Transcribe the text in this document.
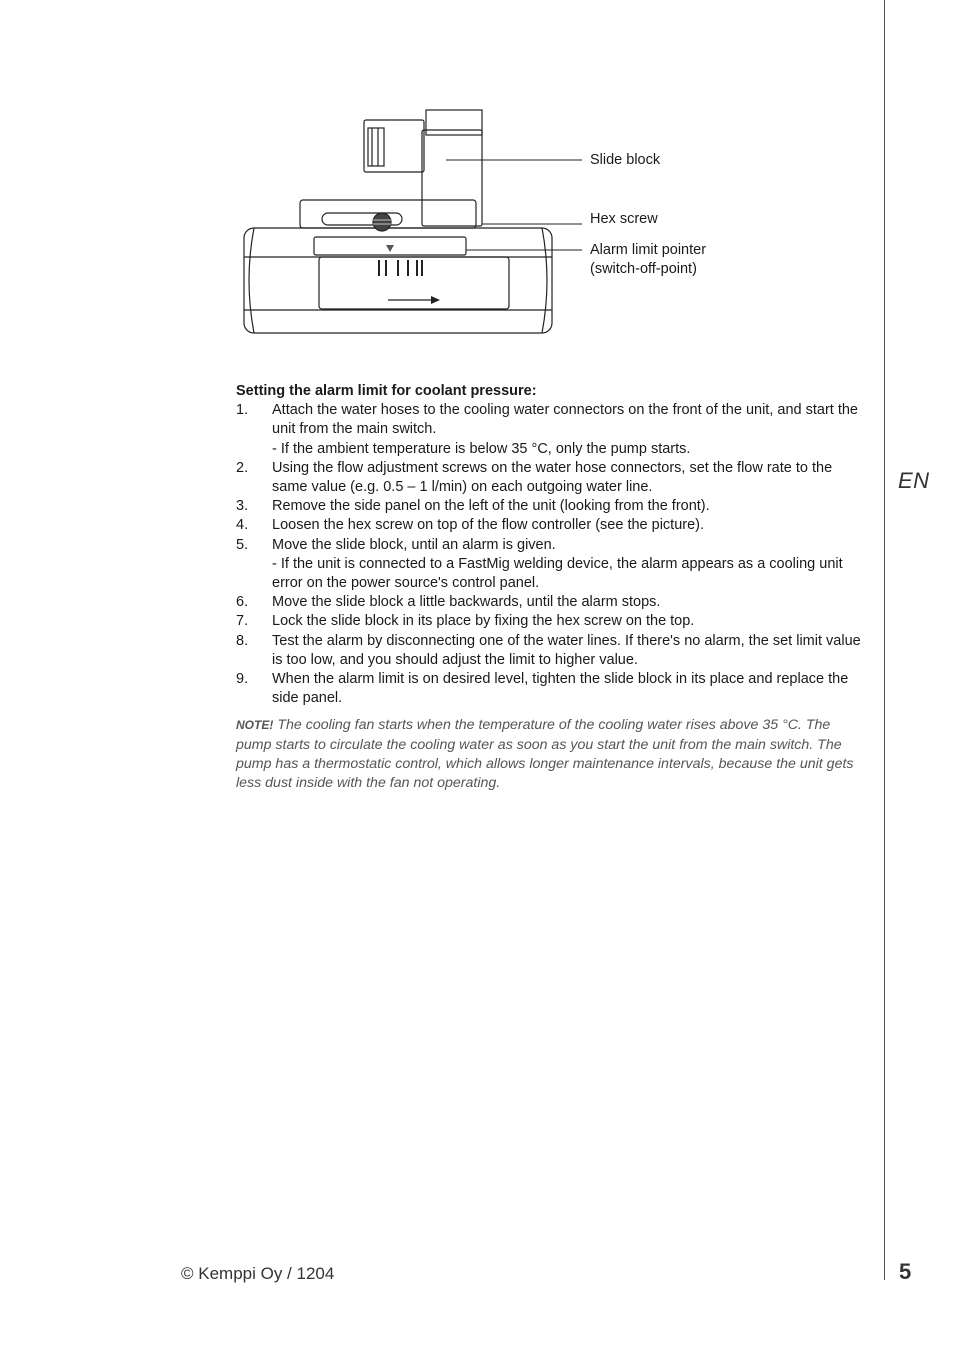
EN
Slide block
Hex screw
Alarm limit pointer
(switch-off-point)
Setting the alarm limit for coolant pressure:
1. Attach the water hoses to the cooling water connectors on the front of the unit, and start the unit from the main switch.
- If the ambient temperature is below 35 °C, only the pump starts.
2. Using the flow adjustment screws on the water hose connectors, set the flow rate to the same value (e.g. 0.5 – 1 l/min) on each outgoing water line.
3. Remove the side panel on the left of the unit (looking from the front).
4. Loosen the hex screw on top of the flow controller (see the picture).
5. Move the slide block, until an alarm is given.
- If the unit is connected to a FastMig welding device, the alarm appears as a cooling unit error on the power source's control panel.
6. Move the slide block a little backwards, until the alarm stops.
7. Lock the slide block in its place by fixing the hex screw on the top.
8. Test the alarm by disconnecting one of the water lines. If there's no alarm, the set limit value is too low, and you should adjust the limit to higher value.
9. When the alarm limit is on desired level, tighten the slide block in its place and replace the side panel.
NOTE! The cooling fan starts when the temperature of the cooling water rises above 35 °C. The pump starts to circulate the cooling water as soon as you start the unit from the main switch. The pump has a thermostatic control, which allows longer maintenance intervals, because the unit gets less dust inside with the fan not operating.
© Kemppi Oy / 1204	5
